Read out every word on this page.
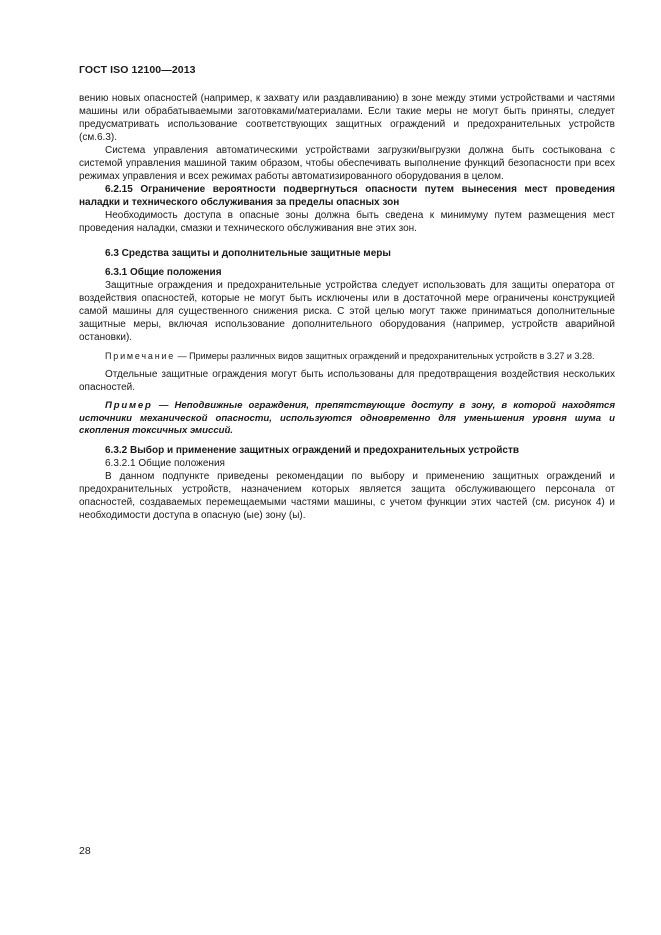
ГОСТ ISO 12100—2013

вению новых опасностей (например, к захвату или раздавливанию) в зоне между этими устройствами и частями машины или обрабатываемыми заготовками/материалами. Если такие меры не могут быть приняты, следует предусматривать использование соответствующих защитных ограждений и предохранительных устройств (см.6.3).

Система управления автоматическими устройствами загрузки/выгрузки должна быть состыкована с системой управления машиной таким образом, чтобы обеспечивать выполнение функций безопасности при всех режимах управления и всех режимах работы автоматизированного оборудования в целом.

6.2.15 Ограничение вероятности подвергнуться опасности путем вынесения мест проведения наладки и технического обслуживания за пределы опасных зон

Необходимость доступа в опасные зоны должна быть сведена к минимуму путем размещения мест проведения наладки, смазки и технического обслуживания вне этих зон.

6.3 Средства защиты и дополнительные защитные меры

6.3.1 Общие положения

Защитные ограждения и предохранительные устройства следует использовать для защиты оператора от воздействия опасностей, которые не могут быть исключены или в достаточной мере ограничены конструкцией самой машины для существенного снижения риска. С этой целью могут также приниматься дополнительные защитные меры, включая использование дополнительного оборудования (например, устройств аварийной остановки).

Примечание — Примеры различных видов защитных ограждений и предохранительных устройств в 3.27 и 3.28.

Отдельные защитные ограждения могут быть использованы для предотвращения воздействия нескольких опасностей.

Пример — Неподвижные ограждения, препятствующие доступу в зону, в которой находятся источники механической опасности, используются одновременно для уменьшения уровня шума и скопления токсичных эмиссий.

6.3.2 Выбор и применение защитных ограждений и предохранительных устройств

6.3.2.1 Общие положения

В данном подпункте приведены рекомендации по выбору и применению защитных ограждений и предохранительных устройств, назначением которых является защита обслуживающего персонала от опасностей, создаваемых перемещаемыми частями машины, с учетом функции этих частей (см. рисунок 4) и необходимости доступа в опасную (ые) зону (ы).

28
